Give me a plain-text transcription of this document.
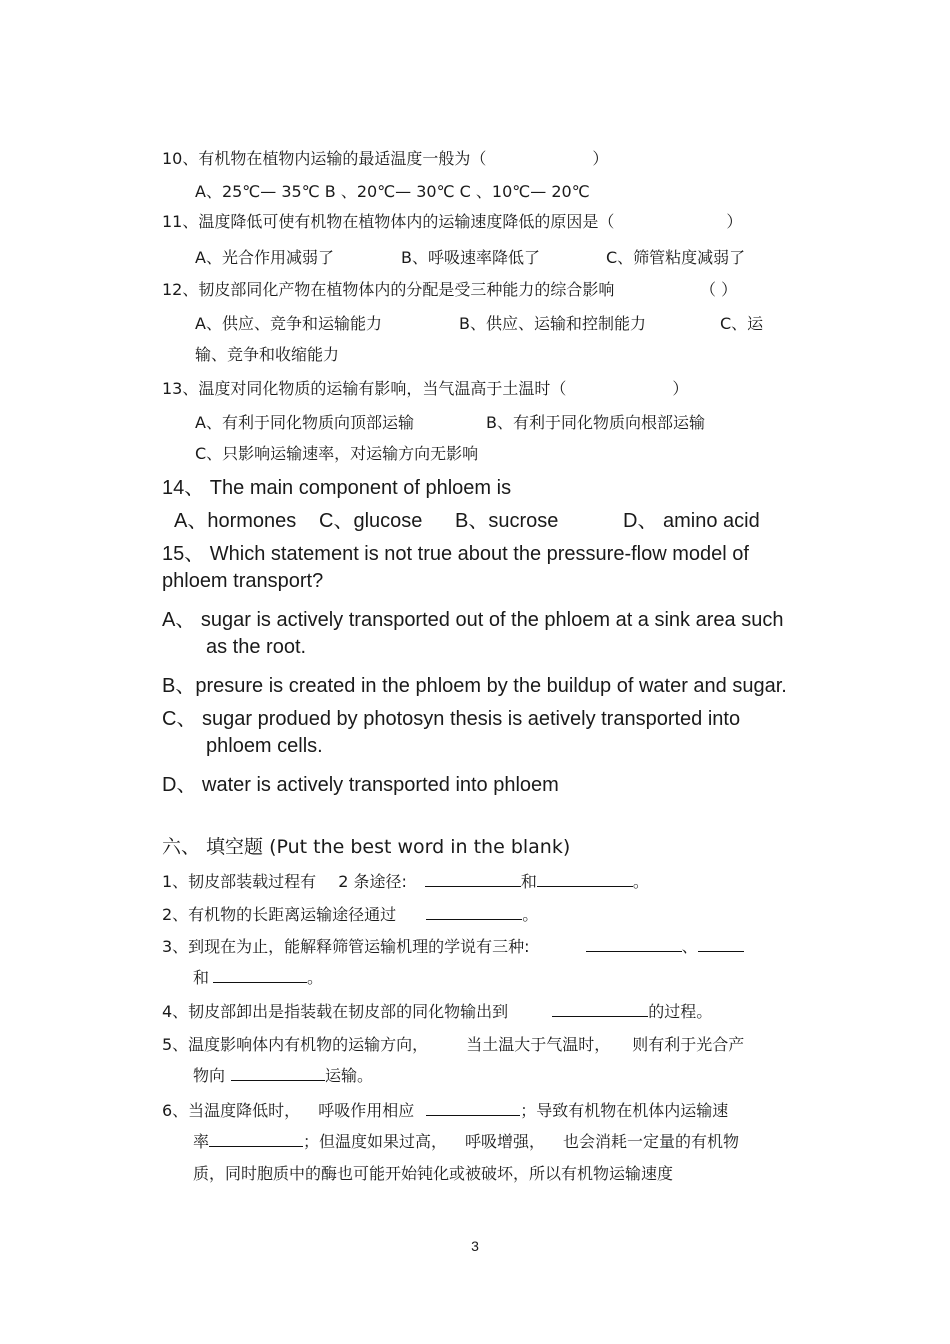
10、有机物在植物内运输的最适温度一般为（	）
A、25℃— 35℃ B 、20℃— 30℃ C 、10℃— 20℃
11、温度降低可使有机物在植物体内的运输速度降低的原因是（	）
A、光合作用减弱了	B、呼吸速率降低了	C、筛管粘度减弱了
12、韧皮部同化产物在植物体内的分配是受三种能力的综合影响	（ ）
A、供应、竞争和运输能力	B、供应、运输和控制能力	C、运
输、竞争和收缩能力
13、温度对同化物质的运输有影响，当气温高于土温时（	）
A、有利于同化物质向顶部运输	B、有利于同化物质向根部运输
C、只影响运输速率，对运输方向无影响
14、 The main component of phloem is
A、hormones C、glucose B、sucrose	D、 amino acid
15、 Which statement is not true about the pressure-flow model of
phloem transport?
A、 sugar is actively transported out of the phloem at a sink area such
as the root.
B、presure is created in the phloem by the buildup of water and sugar.
C、 sugar produed by photosyn thesis is aetively transported into
phloem cells.
D、 water is actively transported into phloem
六、 填空题 (Put the best word in the blank)
1、韧皮部装载过程有 2 条途径:	和	。
2、有机物的长距离运输途径通过	。
3、到现在为止，能解释筛管运输机理的学说有三种:	、
和	。
4、韧皮部卸出是指装载在韧皮部的同化物输出到	的过程。
5、温度影响体内有机物的运输方向， 当土温大于气温时， 则有利于光合产
物向	运输。
6、当温度降低时， 呼吸作用相应	；导致有机物在机体内运输速
率	；但温度如果过高， 呼吸增强， 也会消耗一定量的有机物
质，同时胞质中的酶也可能开始钝化或被破坏，所以有机物运输速度
3
